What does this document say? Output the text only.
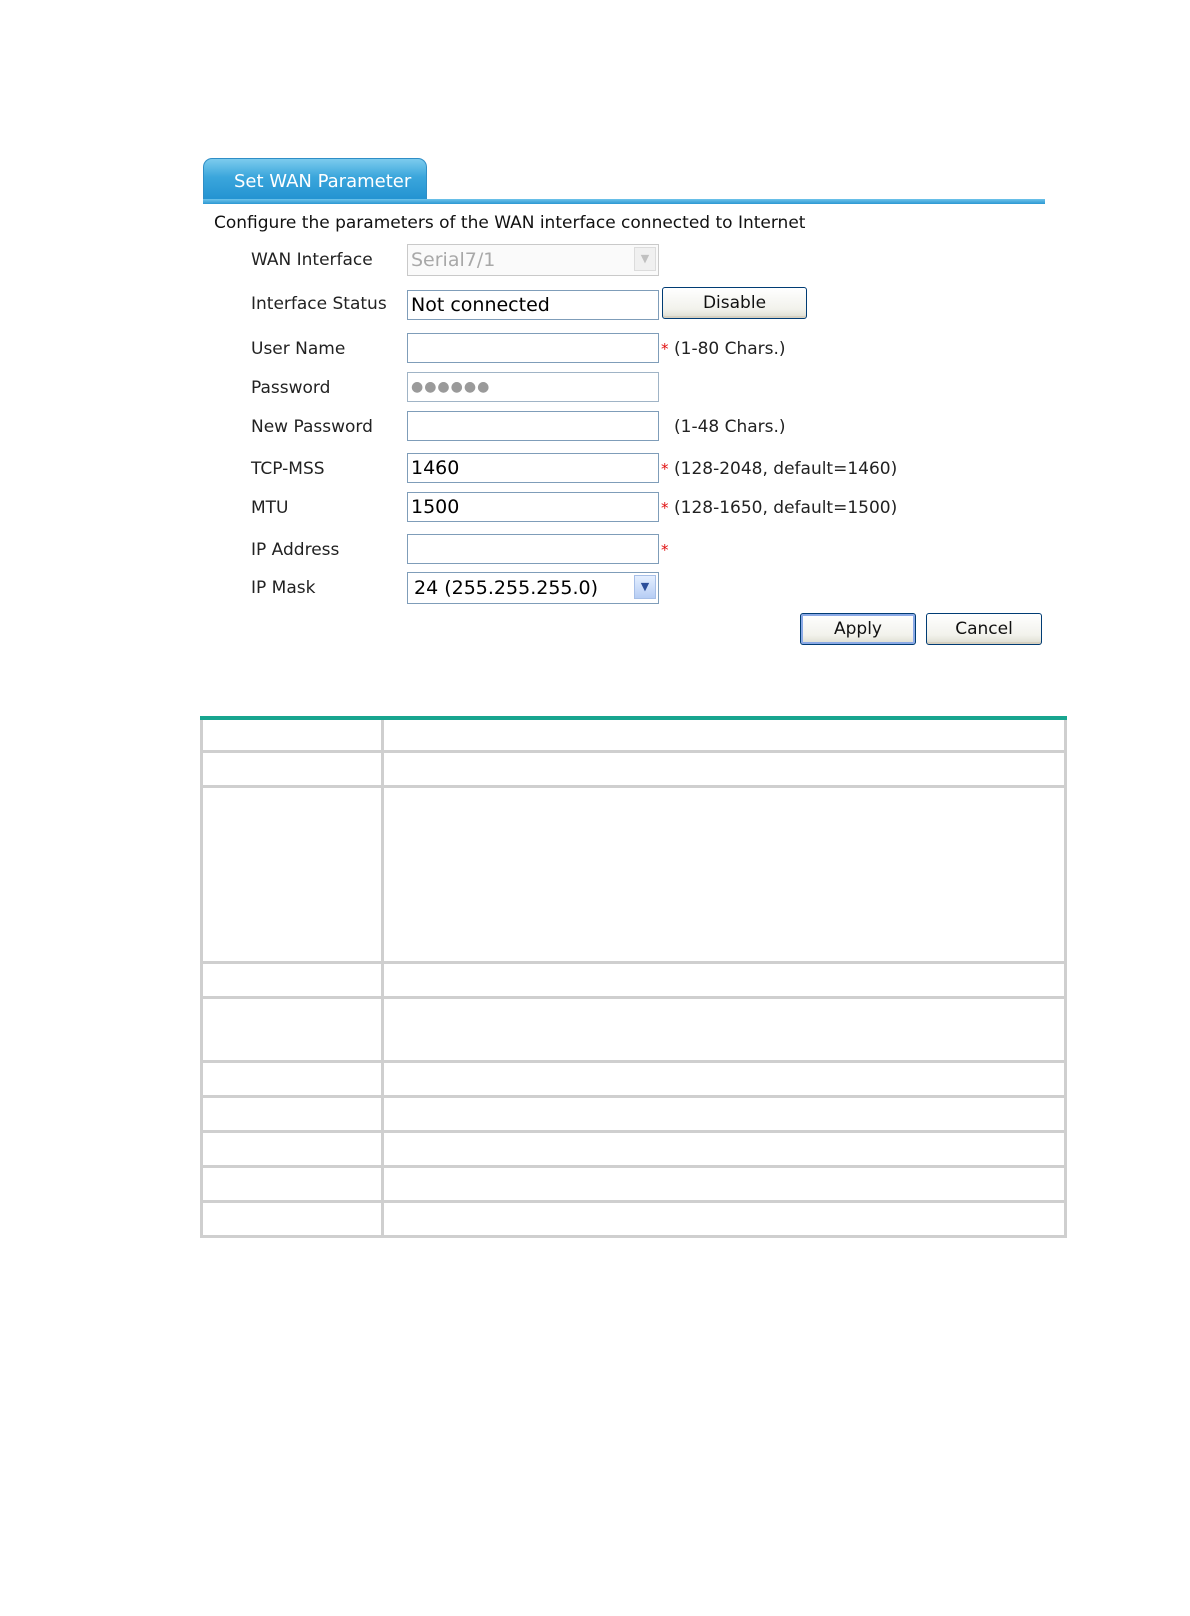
Set WAN Parameter
Configure the parameters of the WAN interface connected to Internet
WAN Interface Serial7/1	▼
Interface Status Not connected	Disable
User Name	* (1-80 Chars.)
Password	●●●●●●
New Password	(1-48 Chars.)
TCP-MSS	1460	* (128-2048, default=1460)
MTU	1500	* (128-1650, default=1500)
IP Address	*
IP Mask	24 (255.255.255.0)	▼
Apply	Cancel
